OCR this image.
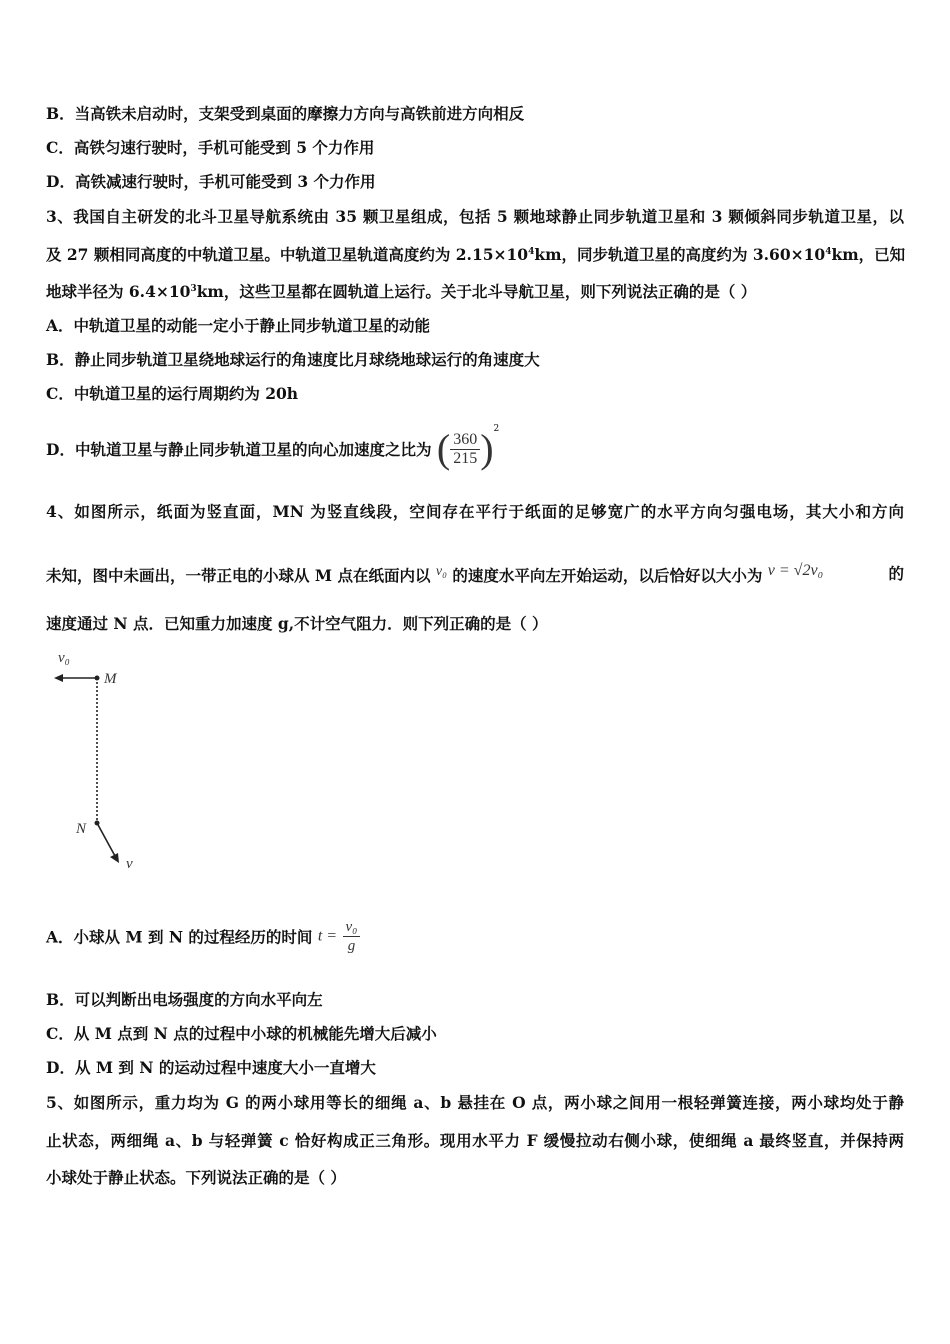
B．当高铁未启动时，支架受到桌面的摩擦力方向与高铁前进方向相反
C．高铁匀速行驶时，手机可能受到 5 个力作用
D．高铁减速行驶时，手机可能受到 3 个力作用
3、我国自主研发的北斗卫星导航系统由 35 颗卫星组成，包括 5 颗地球静止同步轨道卫星和 3 颗倾斜同步轨道卫星，以
及 27 颗相同高度的中轨道卫星。中轨道卫星轨道高度约为 $2.15\times 10^4km$，同步轨道卫星的高度约为 $3.60\times 10^4km$，已知
地球半径为 $6.4\times 10^3km$，这些卫星都在圆轨道上运行。关于北斗导航卫星，则下列说法正确的是（ ）
A．中轨道卫星的动能一定小于静止同步轨道卫星的动能
B．静止同步轨道卫星绕地球运行的角速度比月球绕地球运行的角速度大
C．中轨道卫星的运行周期约为 20h
D．中轨道卫星与静止同步轨道卫星的向心加速度之比为 ( $\frac{360}{215} )^2$
4、如图所示，纸面为竖直面，MN 为竖直线段，空间存在平行于纸面的足够宽广的水平方向匀强电场，其大小和方向
未知，图中未画出，一带正电的小球从 M 点在纸面内以 v₀ 的速度水平向左开始运动，以后恰好以大小为 v = √2v₀	的
速度通过 N 点．已知重力加速度 g,不计空气阻力．则下列正确的是（ ）
v₀
M
N
v
A．小球从 M 到 N 的过程经历的时间 $t = \frac{\text{v₀}}{g}$
B．可以判断出电场强度的方向水平向左
C．从 M 点到 N 点的过程中小球的机械能先增大后减小
D．从 M 到 N 的运动过程中速度大小一直增大
5、如图所示，重力均为 G 的两小球用等长的细绳 a、b 悬挂在 O 点，两小球之间用一根轻弹簧连接，两小球均处于静
止状态，两细绳 a、b 与轻弹簧 c 恰好构成正三角形。现用水平力 F 缓慢拉动右侧小球，使细绳 a 最终竖直，并保持两
小球处于静止状态。下列说法正确的是（ ）
